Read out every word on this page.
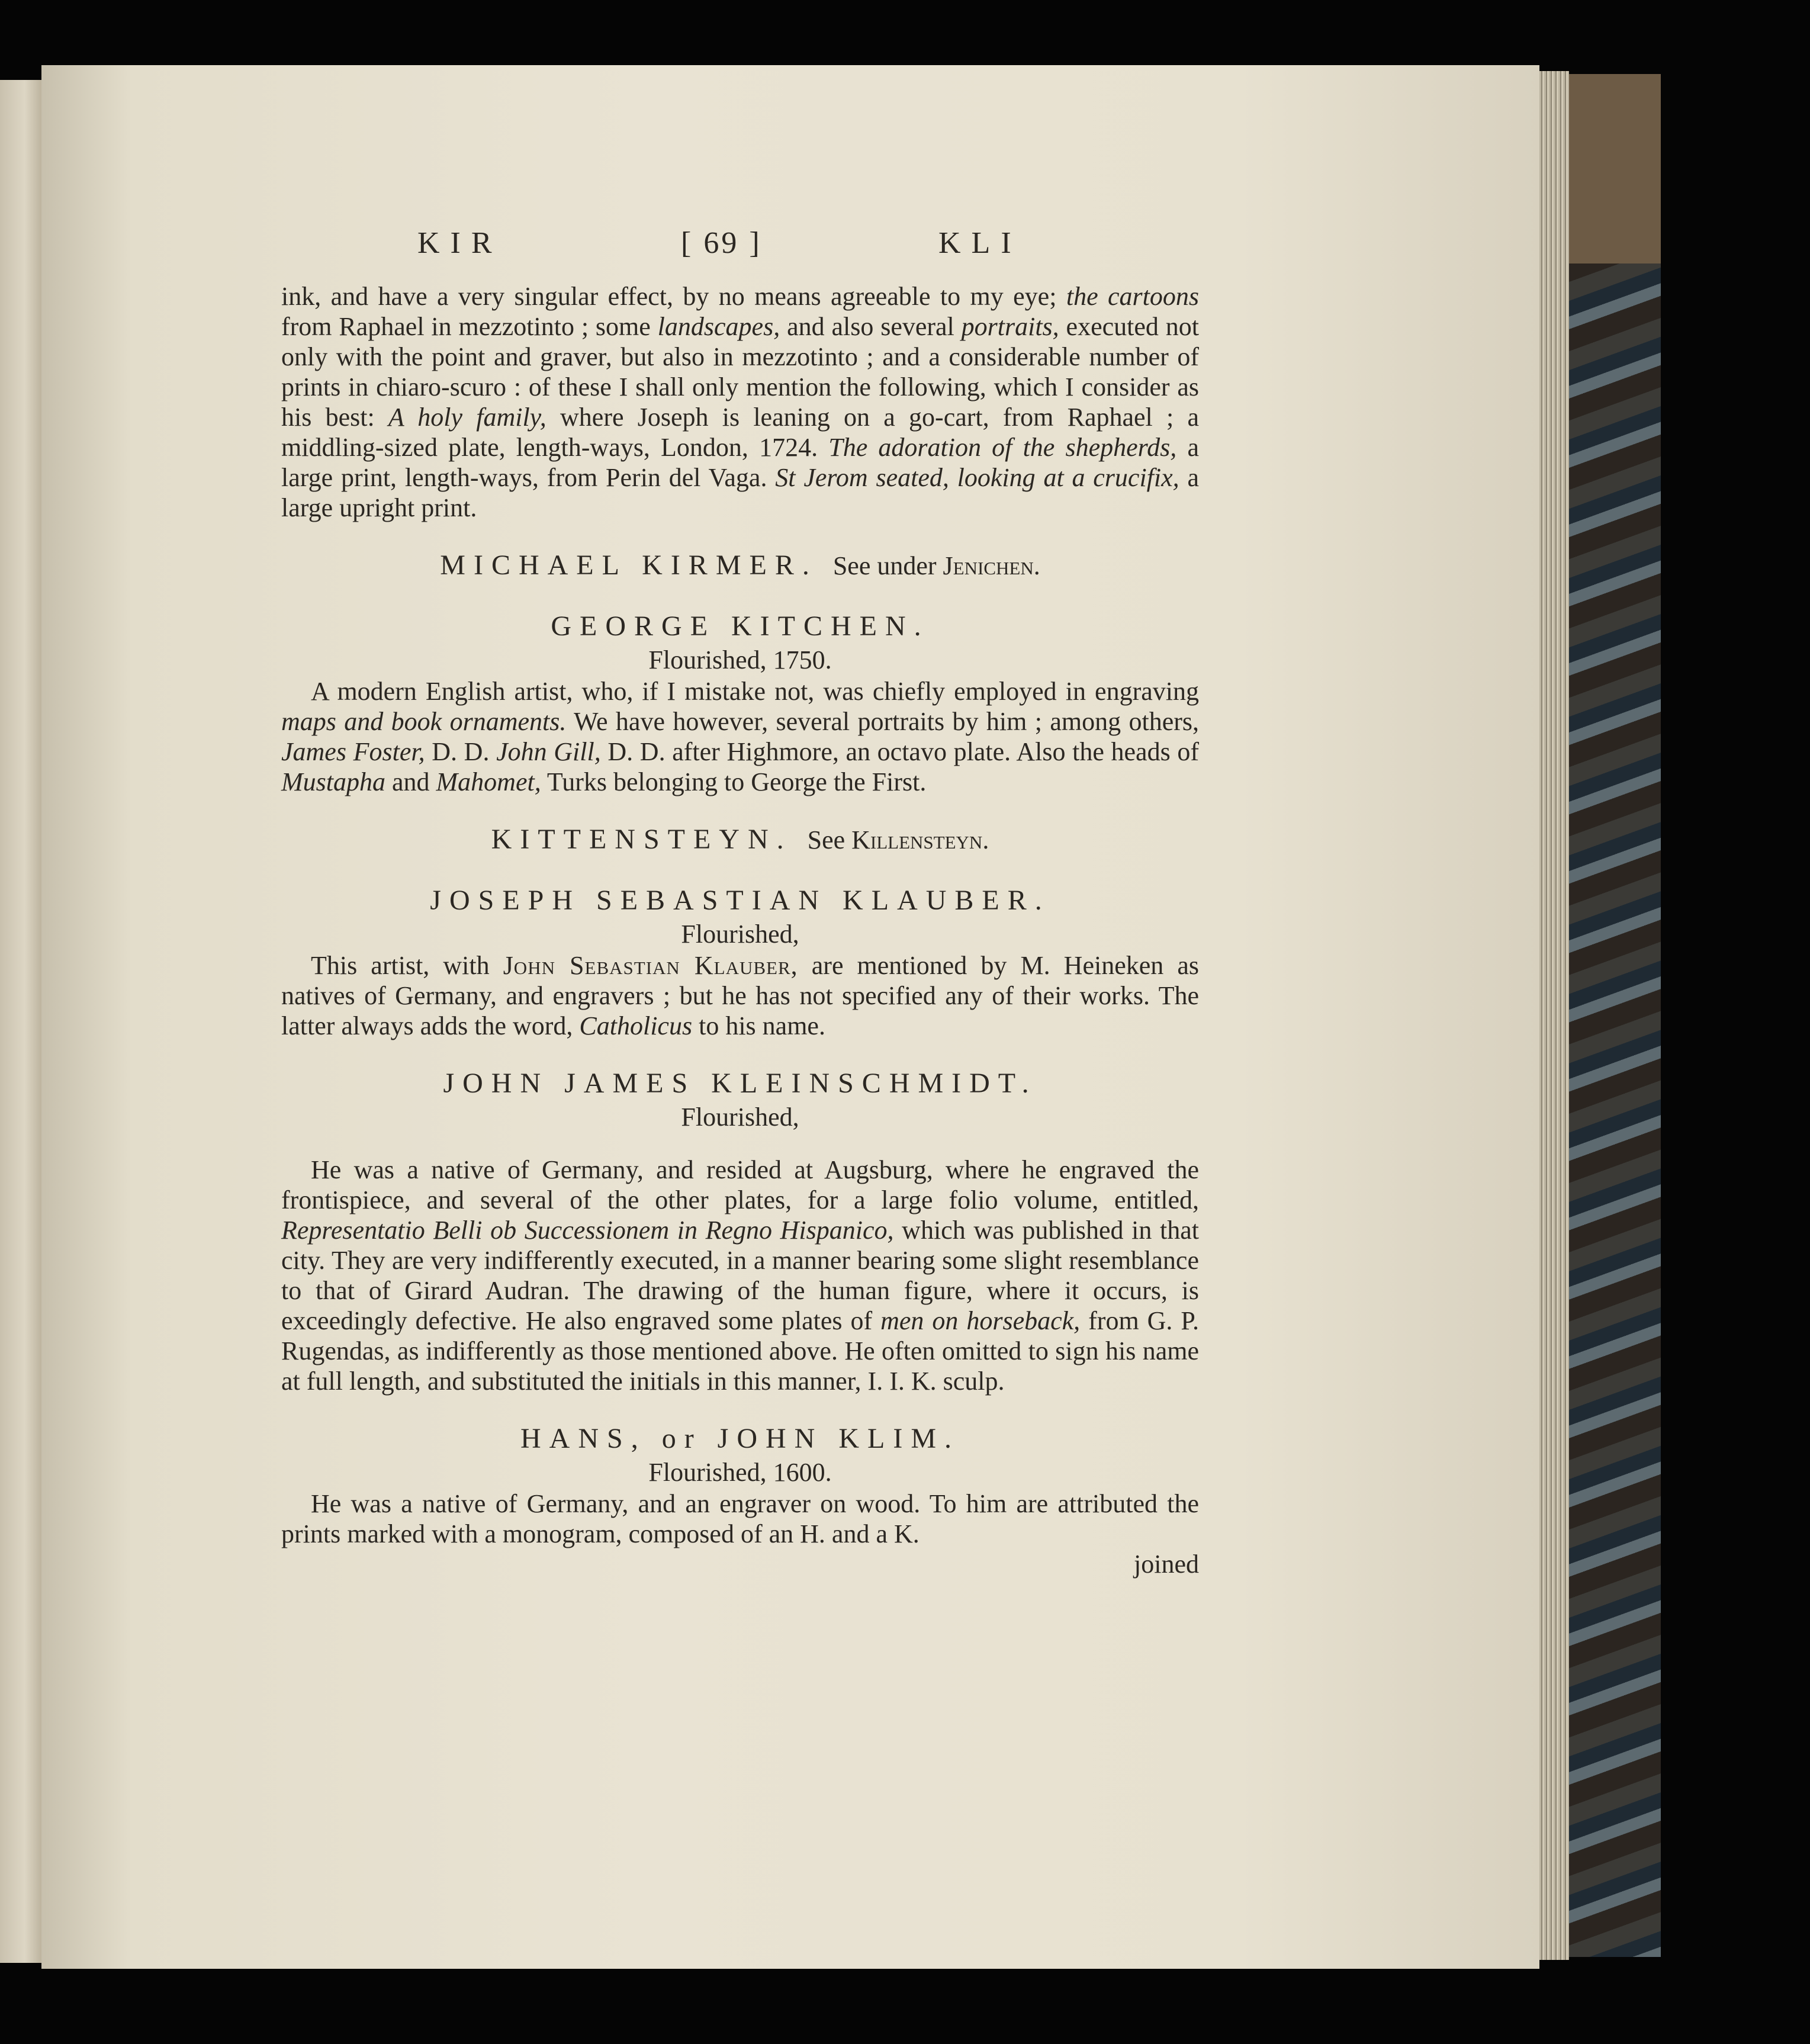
KIR	[ 69 ]	KLI

ink, and have a very singular effect, by no means agreeable to my eye; the cartoons from Raphael in mezzotinto ; some landscapes, and also several portraits, executed not only with the point and graver, but also in mezzotinto ; and a considerable number of prints in chiaro-scuro : of these I shall only mention the following, which I consider as his best: A holy family, where Joseph is leaning on a go-cart, from Raphael ; a middling-sized plate, length-ways, London, 1724. The adoration of the shepherds, a large print, length-ways, from Perin del Vaga. St Jerom seated, looking at a crucifix, a large upright print.

MICHAEL KIRMER. See under Jenichen.

GEORGE KITCHEN.

Flourished, 1750.

A modern English artist, who, if I mistake not, was chiefly employed in engraving maps and book ornaments. We have however, several portraits by him ; among others, James Foster, D. D. John Gill, D. D. after Highmore, an octavo plate. Also the heads of Mustapha and Mahomet, Turks belonging to George the First.

KITTENSTEYN. See Killensteyn.

JOSEPH SEBASTIAN KLAUBER.

Flourished,

This artist, with John Sebastian Klauber, are mentioned by M. Heineken as natives of Germany, and engravers ; but he has not specified any of their works. The latter always adds the word, Catholicus to his name.

JOHN JAMES KLEINSCHMIDT.

Flourished,

He was a native of Germany, and resided at Augsburg, where he engraved the frontispiece, and several of the other plates, for a large folio volume, entitled, Representatio Belli ob Successionem in Regno Hispanico, which was published in that city. They are very indifferently executed, in a manner bearing some slight resemblance to that of Girard Audran. The drawing of the human figure, where it occurs, is exceedingly defective. He also engraved some plates of men on horseback, from G. P. Rugendas, as indifferently as those mentioned above. He often omitted to sign his name at full length, and substituted the initials in this manner, I. I. K. sculp.

HANS, or JOHN KLIM.

Flourished, 1600.

He was a native of Germany, and an engraver on wood. To him are attributed the prints marked with a monogram, composed of an H. and a K.

joined
